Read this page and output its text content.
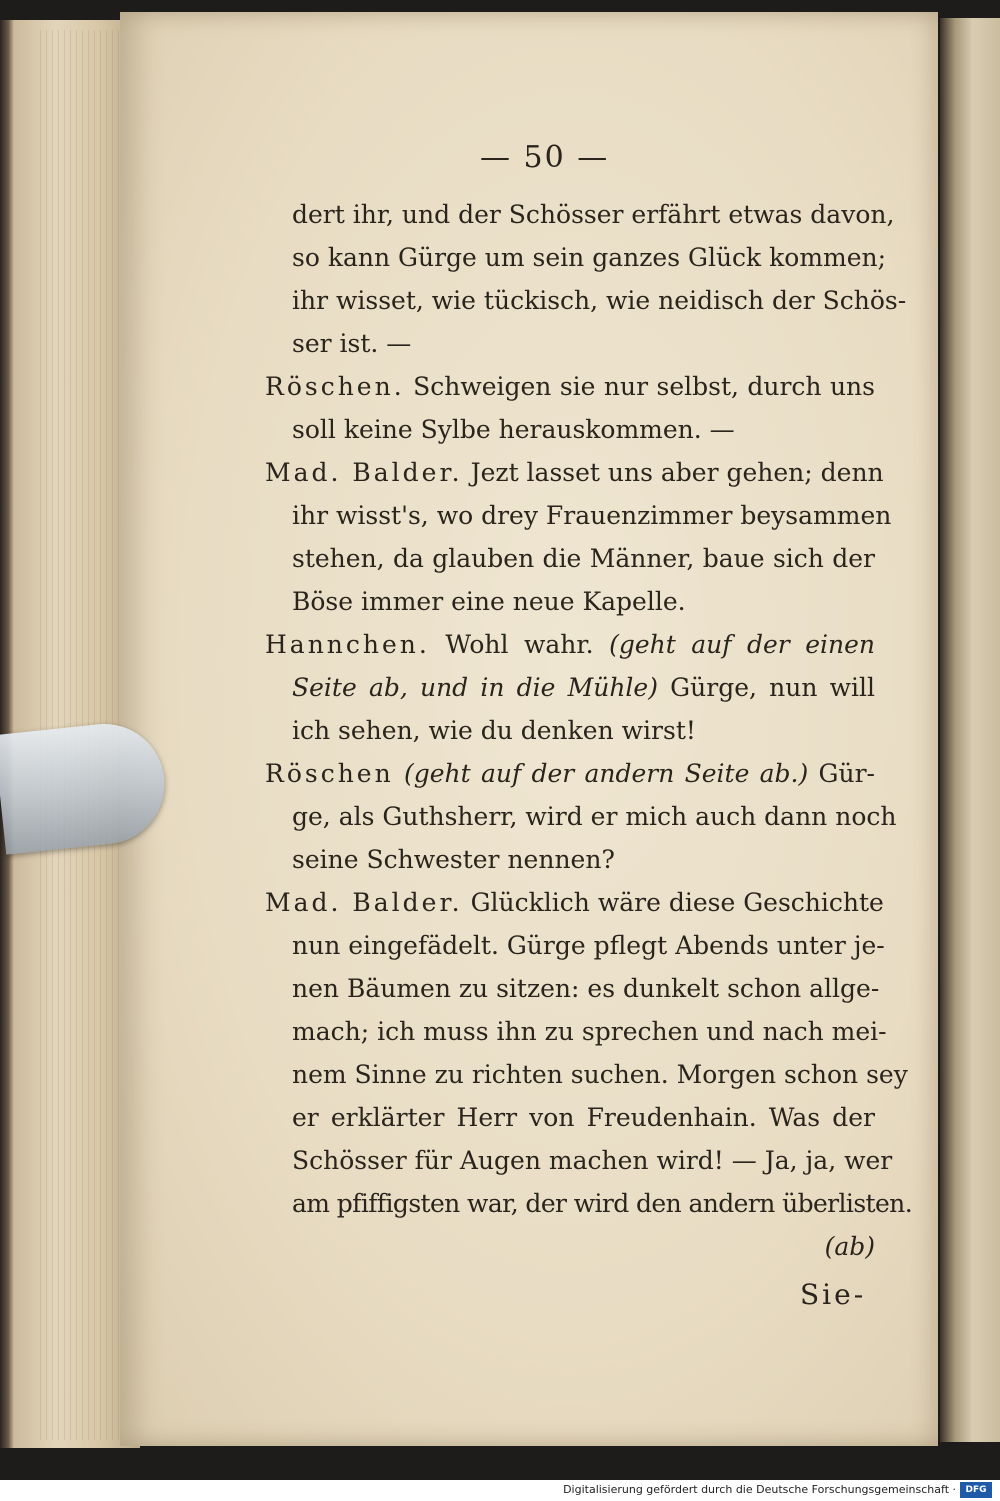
— 50 —
dert ihr, und der Schösser erfährt etwas davon,
so kann Gürge um sein ganzes Glück kommen;
ihr wisset, wie tückisch, wie neidisch der Schös-
ser ist. —
Röschen. Schweigen sie nur selbst, durch uns
soll keine Sylbe herauskommen. —
Mad. Balder. Jezt lasset uns aber gehen; denn
ihr wisst's, wo drey Frauenzimmer beysammen
stehen, da glauben die Männer, baue sich der
Böse immer eine neue Kapelle.
Hannchen. Wohl wahr. (geht auf der einen
Seite ab, und in die Mühle) Gürge, nun will
ich sehen, wie du denken wirst!
Röschen (geht auf der andern Seite ab.) Gür-
ge, als Guthsherr, wird er mich auch dann noch
seine Schwester nennen?
Mad. Balder. Glücklich wäre diese Geschichte
nun eingefädelt. Gürge pflegt Abends unter je-
nen Bäumen zu sitzen: es dunkelt schon allge-
mach; ich muss ihn zu sprechen und nach mei-
nem Sinne zu richten suchen. Morgen schon sey
er erklärter Herr von Freudenhain. Was der
Schösser für Augen machen wird! — Ja, ja, wer
am pfiffigsten war, der wird den andern überlisten.
(ab)
Sie-
Digitalisierung gefördert durch die Deutsche Forschungsgemeinschaft ·	DFG
